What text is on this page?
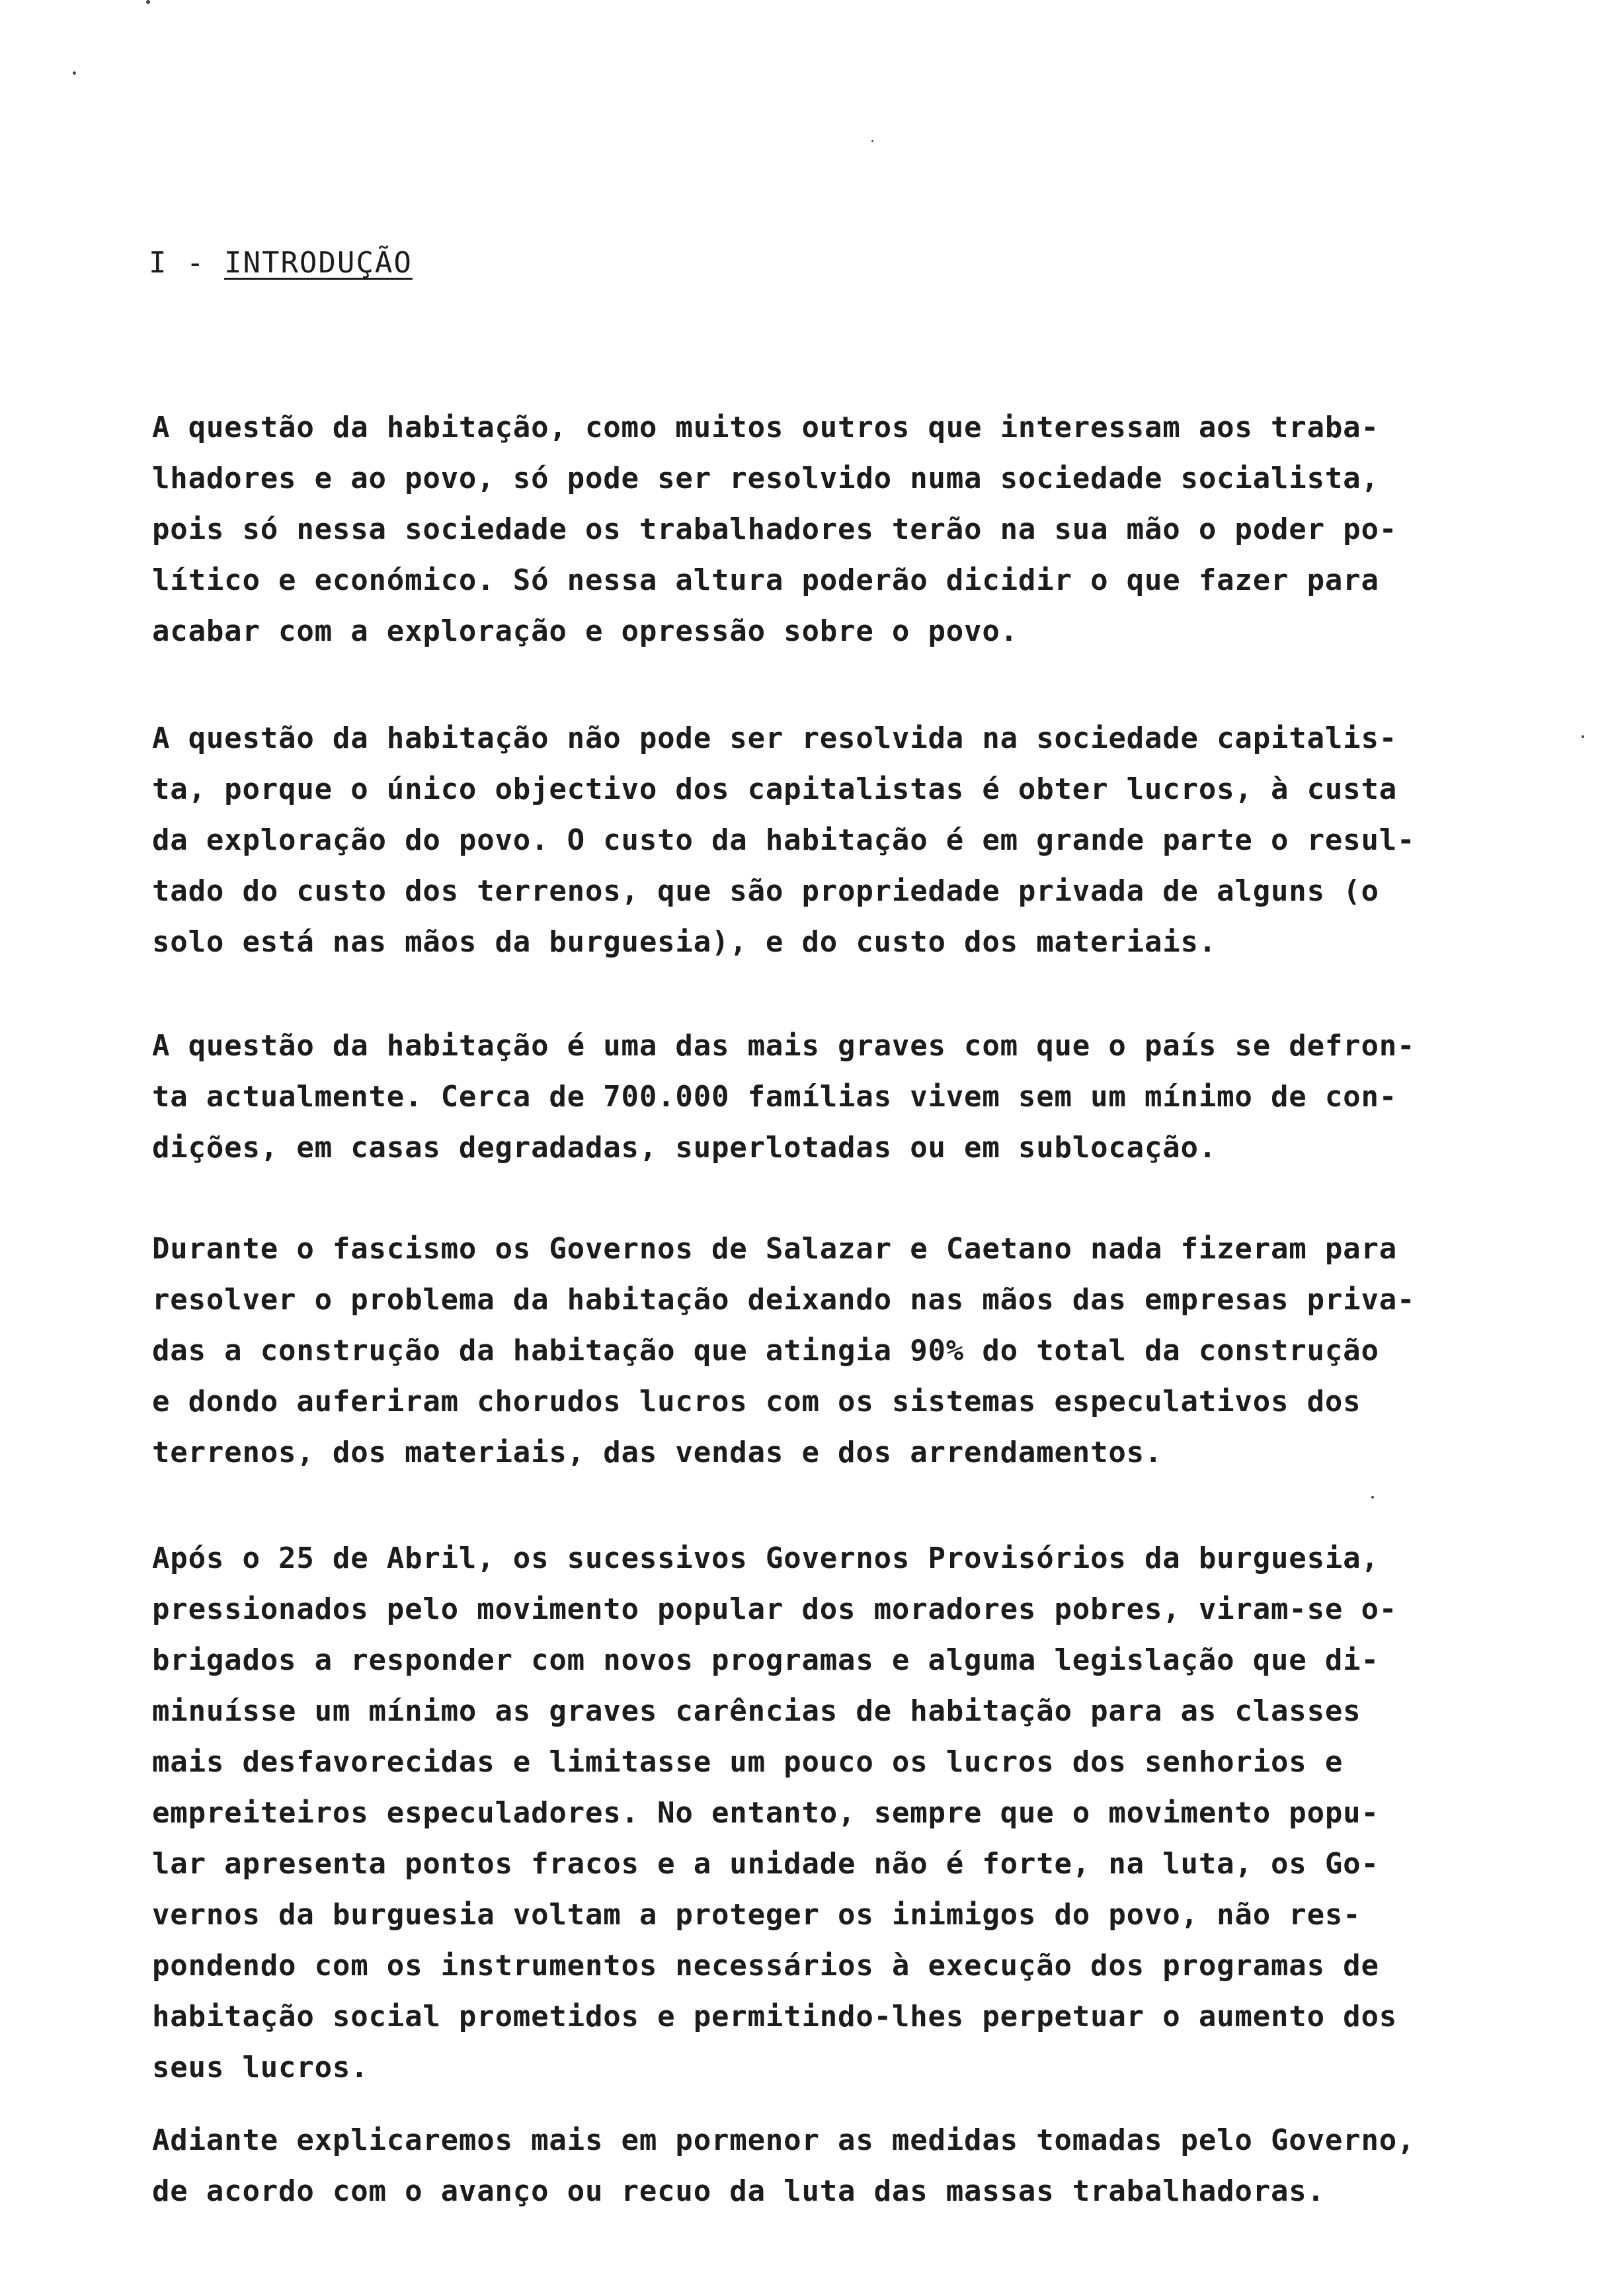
I - INTRODUÇÃO
A questão da habitação, como muitos outros que interessam aos traba-
lhadores e ao povo, só pode ser resolvido numa sociedade socialista,
pois só nessa sociedade os trabalhadores terão na sua mão o poder po-
lítico e económico. Só nessa altura poderão dicidir o que fazer para
acabar com a exploração e opressão sobre o povo.
A questão da habitação não pode ser resolvida na sociedade capitalis-
ta, porque o único objectivo dos capitalistas é obter lucros, à custa
da exploração do povo. O custo da habitação é em grande parte o resul-
tado do custo dos terrenos, que são propriedade privada de alguns (o
solo está nas mãos da burguesia), e do custo dos materiais.
A questão da habitação é uma das mais graves com que o país se defron-
ta actualmente. Cerca de 700.000 famílias vivem sem um mínimo de con-
dições, em casas degradadas, superlotadas ou em sublocação.
Durante o fascismo os Governos de Salazar e Caetano nada fizeram para
resolver o problema da habitação deixando nas mãos das empresas priva-
das a construção da habitação que atingia 90% do total da construção
e dondo auferiram chorudos lucros com os sistemas especulativos dos
terrenos, dos materiais, das vendas e dos arrendamentos.
Após o 25 de Abril, os sucessivos Governos Provisórios da burguesia,
pressionados pelo movimento popular dos moradores pobres, viram-se o-
brigados a responder com novos programas e alguma legislação que di-
minuísse um mínimo as graves carências de habitação para as classes
mais desfavorecidas e limitasse um pouco os lucros dos senhorios e
empreiteiros especuladores. No entanto, sempre que o movimento popu-
lar apresenta pontos fracos e a unidade não é forte, na luta, os Go-
vernos da burguesia voltam a proteger os inimigos do povo, não res-
pondendo com os instrumentos necessários à execução dos programas de
habitação social prometidos e permitindo-lhes perpetuar o aumento dos
seus lucros.
Adiante explicaremos mais em pormenor as medidas tomadas pelo Governo,
de acordo com o avanço ou recuo da luta das massas trabalhadoras.
